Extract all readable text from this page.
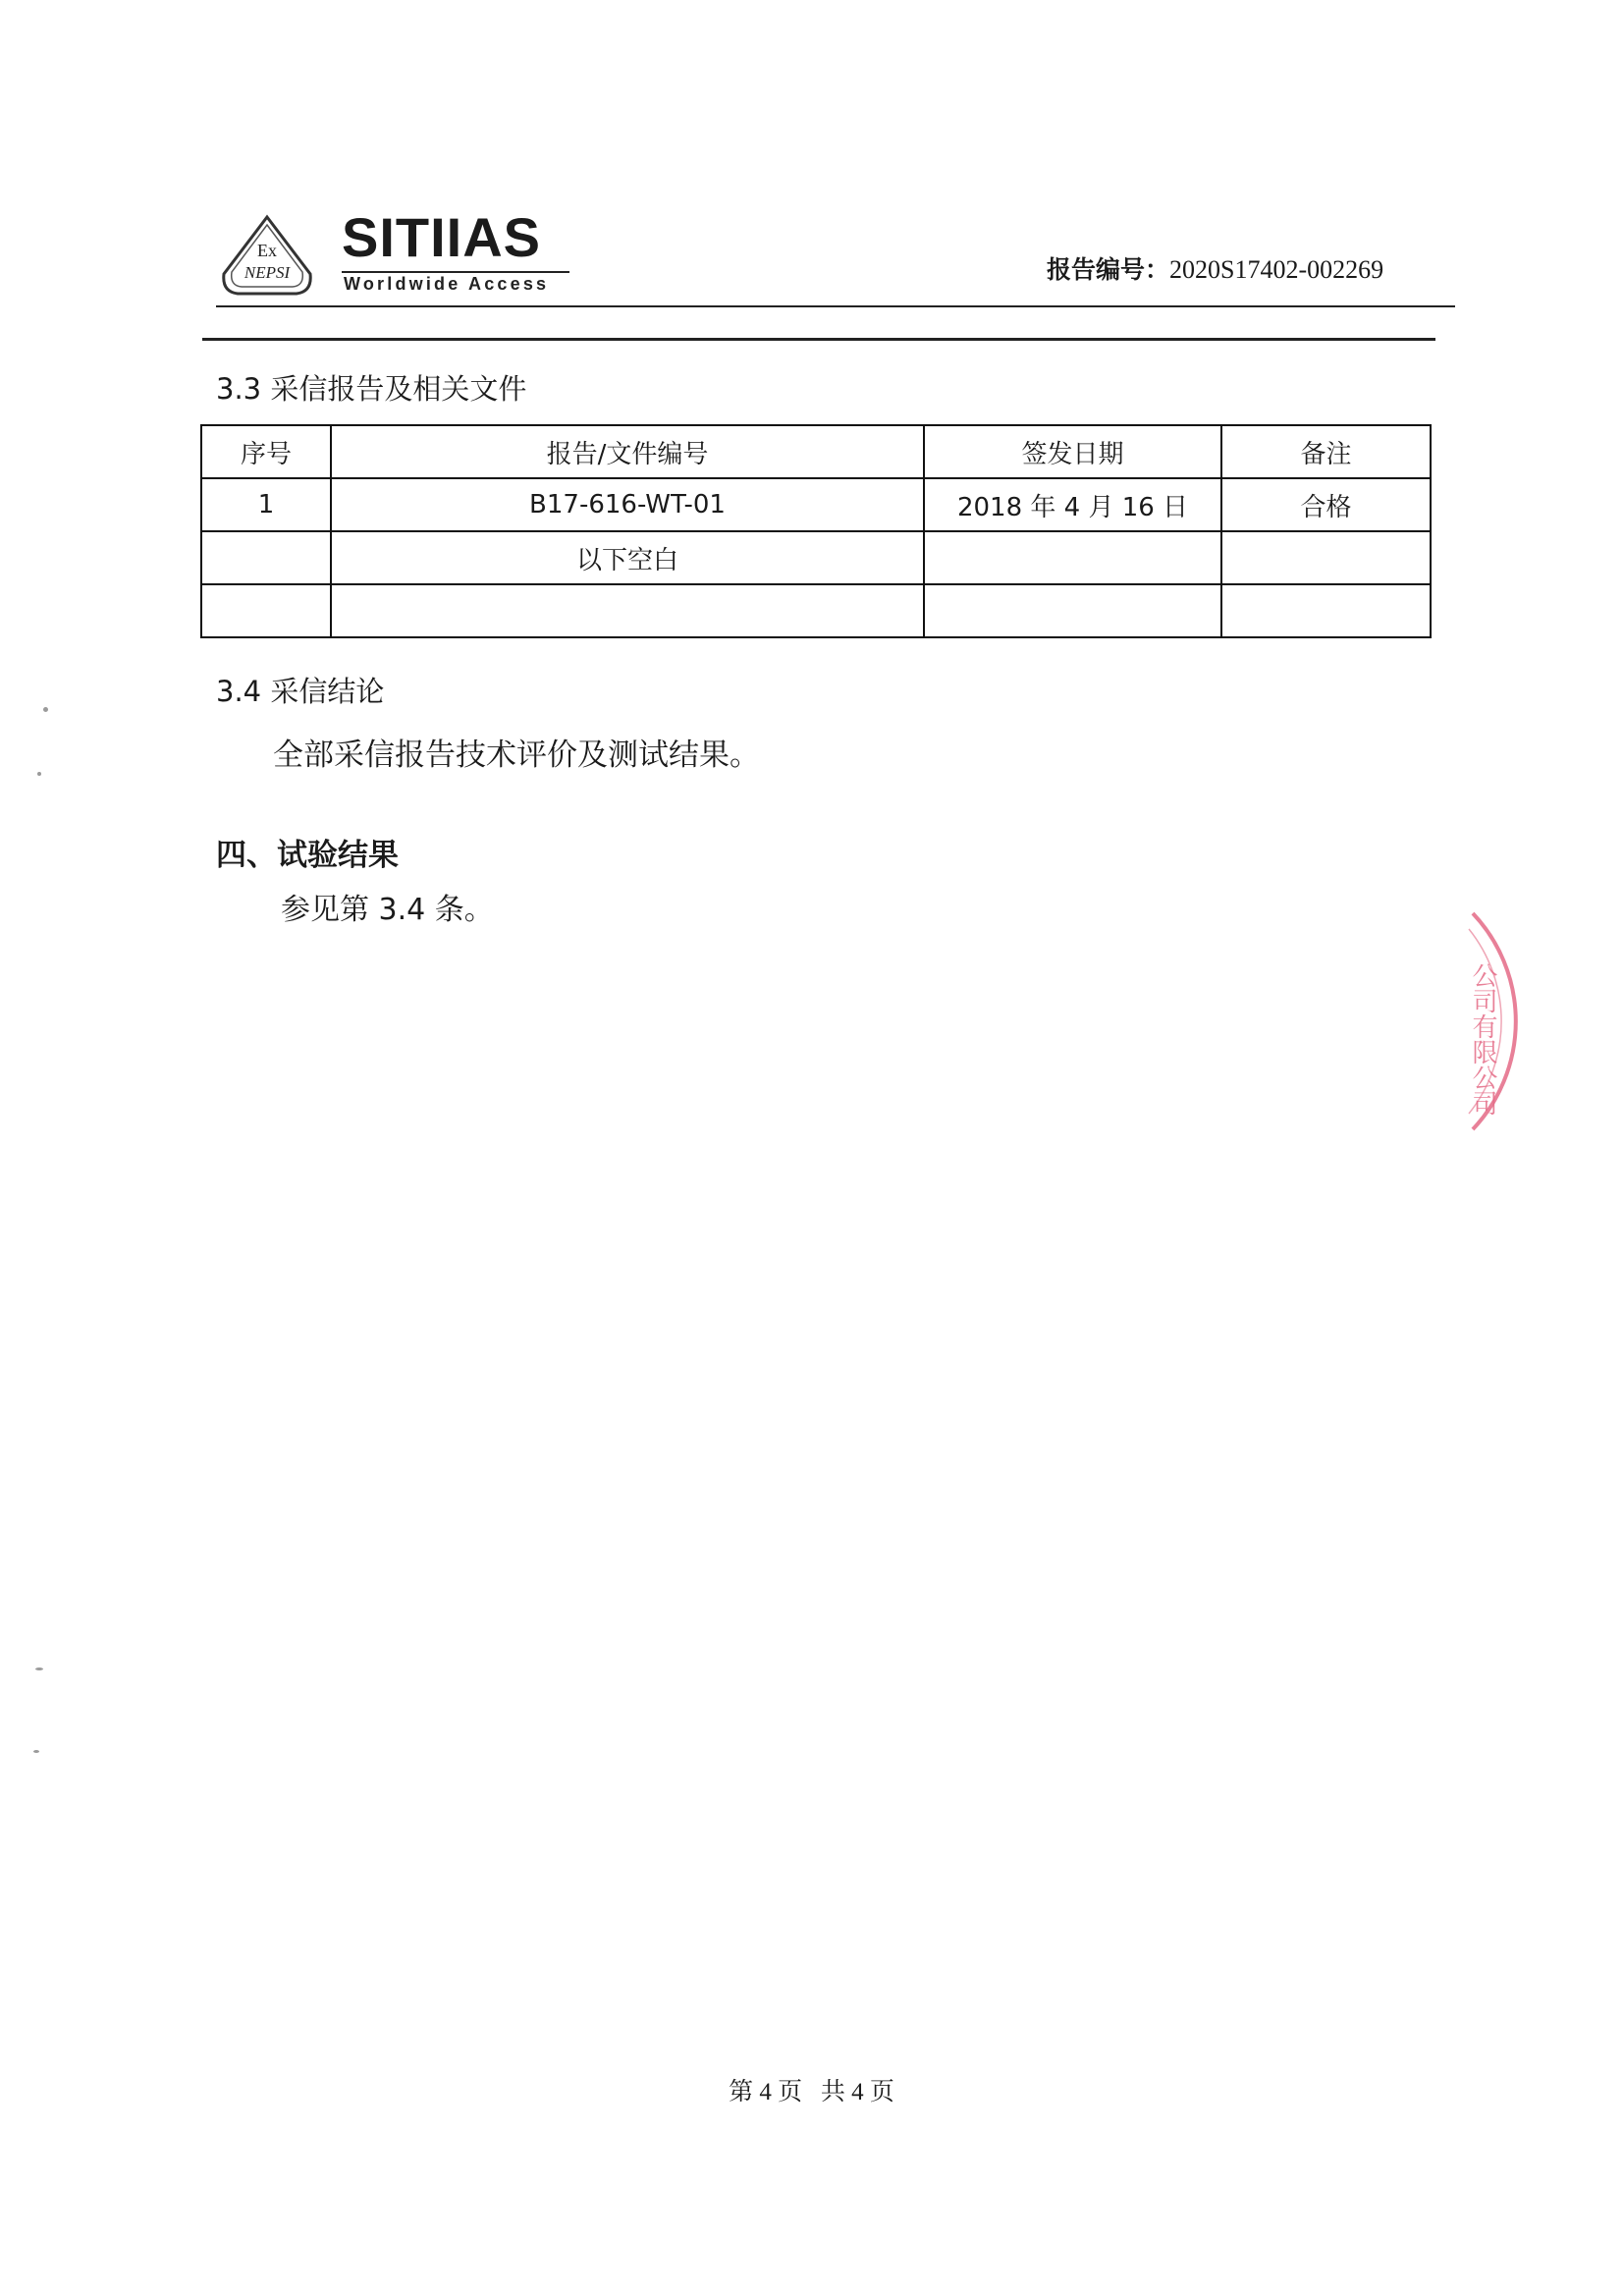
Ex
NEPSI
SITIIAS
Worldwide Access	报告编号：2020S17402-002269
3.3 采信报告及相关文件
序号	报告/文件编号	签发日期	备注
1	B17-616-WT-01	2018 年 4 月 16 日	合格
	以下空白		

3.4 采信结论
全部采信报告技术评价及测试结果。
四、试验结果
参见第 3.4 条。
公司有限公司
第 4 页   共 4 页
